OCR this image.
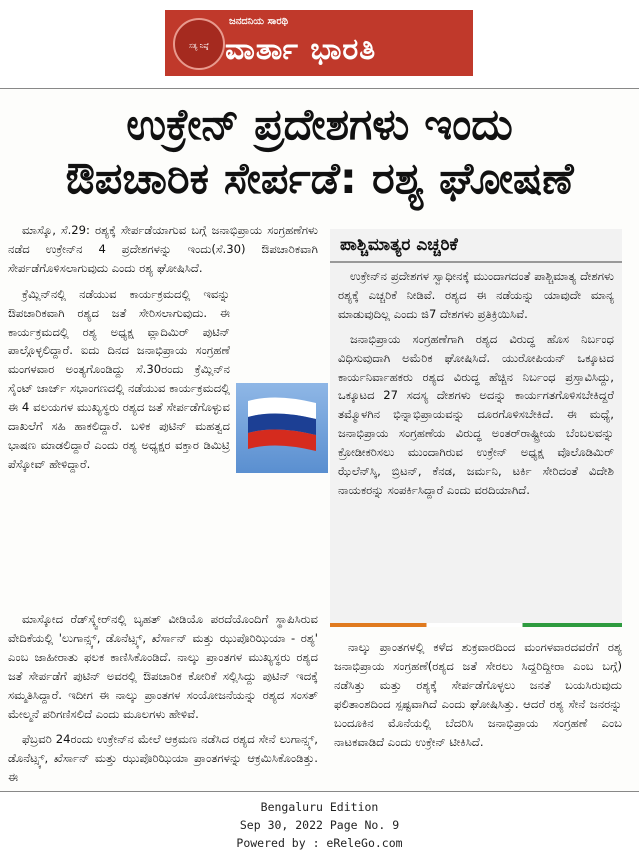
ಸತ್ಯ ನಿಷ್ಠೆ
ಜನದನಿಯ ಸಾರಥಿ
ವಾರ್ತಾ ಭಾರತಿ
ಉಕ್ರೇನ್ ಪ್ರದೇಶಗಳು ಇಂದು
ಔಪಚಾರಿಕ ಸೇರ್ಪಡೆ: ರಶ್ಯ ಘೋಷಣೆ

ಮಾಸ್ಕೊ, ಸೆ.29: ರಶ್ಯಕ್ಕೆ ಸೇರ್ಪಡೆಯಾಗುವ ಬಗ್ಗೆ ಜನಾಭಿಪ್ರಾಯ ಸಂಗ್ರಹಣೆಗಳು ನಡೆದ ಉಕ್ರೇನ್‌ನ 4 ಪ್ರದೇಶಗಳನ್ನು ಇಂದು(ಸೆ.30) ಔಪಚಾರಿಕವಾಗಿ ಸೇರ್ಪಡೆಗೊಳಿಸಲಾಗುವುದು ಎಂದು ರಶ್ಯ ಘೋಷಿಸಿದೆ.

ಕ್ರೆಮ್ಲಿನ್‌ನಲ್ಲಿ ನಡೆಯುವ ಕಾರ್ಯಕ್ರಮದಲ್ಲಿ ಇವನ್ನು ಔಪಚಾರಿಕವಾಗಿ ರಶ್ಯದ ಜತೆ ಸೇರಿಸಲಾಗುವುದು. ಈ ಕಾರ್ಯಕ್ರಮದಲ್ಲಿ ರಶ್ಯ ಅಧ್ಯಕ್ಷ ವ್ಲಾದಿಮಿರ್ ಪುಟಿನ್ ಪಾಲ್ಗೊಳ್ಳಲಿದ್ದಾರೆ. ಐದು ದಿನದ ಜನಾಭಿಪ್ರಾಯ ಸಂಗ್ರಹಣೆ ಮಂಗಳವಾರ ಅಂತ್ಯಗೊಂಡಿದ್ದು ಸೆ.30ರಂದು ಕ್ರೆಮ್ಲಿನ್‌ನ ಸೈಂಟ್ ಜಾರ್ಜ್ ಸಭಾಂಗಣದಲ್ಲಿ ನಡೆಯುವ ಕಾರ್ಯಕ್ರಮದಲ್ಲಿ ಈ 4 ವಲಯಗಳ ಮುಖ್ಯಸ್ಥರು ರಶ್ಯದ ಜತೆ ಸೇರ್ಪಡೆಗೊಳ್ಳುವ ದಾಖಲೆಗೆ ಸಹಿ ಹಾಕಲಿದ್ದಾರೆ. ಬಳಿಕ ಪುಟಿನ್ ಮಹತ್ವದ ಭಾಷಣ ಮಾಡಲಿದ್ದಾರೆ ಎಂದು ರಶ್ಯ ಅಧ್ಯಕ್ಷರ ವಕ್ತಾರ ಡಿಮಿಟ್ರಿ ಪೆಸ್ಕೋವ್ ಹೇಳಿದ್ದಾರೆ.

ಮಾಸ್ಕೋದ ರೆಡ್‌ಸ್ಕ್ವೇರ್‌ನಲ್ಲಿ ಬೃಹತ್ ವೀಡಿಯೊ ಪರದೆಯೊಂದಿಗೆ ಸ್ಥಾಪಿಸಿರುವ ವೇದಿಕೆಯಲ್ಲಿ 'ಲುಗಾನ್ಸ್ಕ್, ಡೊನೆಟ್ಸ್ಕ್, ಖೆರ್ಸಾನ್ ಮತ್ತು ಝುಪೊರಿಝಿಯಾ - ರಶ್ಯ' ಎಂಬ ಜಾಹೀರಾತು ಫಲಕ ಕಾಣಿಸಿಕೊಂಡಿದೆ. ನಾಲ್ಕು ಪ್ರಾಂತಗಳ ಮುಖ್ಯಸ್ಥರು ರಶ್ಯದ ಜತೆ ಸೇರ್ಪಡೆಗೆ ಪುಟಿನ್ ಅವರಲ್ಲಿ ಔಪಚಾರಿಕ ಕೋರಿಕೆ ಸಲ್ಲಿಸಿದ್ದು ಪುಟಿನ್ ಇದಕ್ಕೆ ಸಮ್ಮತಿಸಿದ್ದಾರೆ. ಇದೀಗ ಈ ನಾಲ್ಕು ಪ್ರಾಂತಗಳ ಸಂಯೋಜನೆಯನ್ನು ರಶ್ಯದ ಸಂಸತ್ ಮೇಲ್ಮನೆ ಪರಿಗಣಿಸಲಿದೆ ಎಂದು ಮೂಲಗಳು ಹೇಳಿವೆ.

ಫೆಬ್ರವರಿ 24ರಂದು ಉಕ್ರೇನ್‌ನ ಮೇಲೆ ಆಕ್ರಮಣ ನಡೆಸಿದ ರಶ್ಯದ ಸೇನೆ ಲುಗಾನ್ಸ್ಕ್, ಡೊನೆಟ್ಸ್ಕ್, ಖೆರ್ಸಾನ್ ಮತ್ತು ಝುಪೊರಿಝಿಯಾ ಪ್ರಾಂತಗಳನ್ನು ಆಕ್ರಮಿಸಿಕೊಂಡಿತ್ತು. ಈ

ಪಾಶ್ಚಿಮಾತ್ಯರ ಎಚ್ಚರಿಕೆ

ಉಕ್ರೇನ್‌ನ ಪ್ರದೇಶಗಳ ಸ್ವಾಧೀನಕ್ಕೆ ಮುಂದಾಗದಂತೆ ಪಾಶ್ಚಿಮಾತ್ಯ ದೇಶಗಳು ರಶ್ಯಕ್ಕೆ ಎಚ್ಚರಿಕೆ ನೀಡಿವೆ. ರಶ್ಯದ ಈ ನಡೆಯನ್ನು ಯಾವುದೇ ಮಾನ್ಯ ಮಾಡುವುದಿಲ್ಲ ಎಂದು ಜಿ7 ದೇಶಗಳು ಪ್ರತಿಕ್ರಿಯಿಸಿವೆ.

ಜನಾಭಿಪ್ರಾಯ ಸಂಗ್ರಹಣೆಗಾಗಿ ರಶ್ಯದ ವಿರುದ್ಧ ಹೊಸ ನಿರ್ಬಂಧ ವಿಧಿಸುವುದಾಗಿ ಅಮೆರಿಕ ಘೋಷಿಸಿದೆ. ಯುರೋಪಿಯನ್ ಒಕ್ಕೂಟದ ಕಾರ್ಯನಿರ್ವಾಹಕರು ರಶ್ಯದ ವಿರುದ್ಧ ಹೆಚ್ಚಿನ ನಿರ್ಬಂಧ ಪ್ರಸ್ತಾವಿಸಿದ್ದು, ಒಕ್ಕೂಟದ 27 ಸದಸ್ಯ ದೇಶಗಳು ಅದನ್ನು ಕಾರ್ಯಗತಗೊಳಿಸಬೇಕಿದ್ದರೆ ತಮ್ಮೊಳಗಿನ ಭಿನ್ನಾಭಿಪ್ರಾಯವನ್ನು ದೂರಗೊಳಿಸಬೇಕಿದೆ. ಈ ಮಧ್ಯೆ, ಜನಾಭಿಪ್ರಾಯ ಸಂಗ್ರಹಣೆಯ ವಿರುದ್ಧ ಅಂತರ್‌ರಾಷ್ಟ್ರೀಯ ಬೆಂಬಲವನ್ನು ಕ್ರೋಡೀಕರಿಸಲು ಮುಂದಾಗಿರುವ ಉಕ್ರೇನ್ ಅಧ್ಯಕ್ಷ ವೊಲೊಡಿಮಿರ್ ಝೆಲೆನ್‌ಸ್ಕಿ, ಬ್ರಿಟನ್, ಕೆನಡ, ಜರ್ಮನಿ, ಟರ್ಕಿ ಸೇರಿದಂತೆ ವಿದೇಶಿ ನಾಯಕರನ್ನು ಸಂಪರ್ಕಿಸಿದ್ದಾರೆ ಎಂದು ವರದಿಯಾಗಿದೆ.

ನಾಲ್ಕು ಪ್ರಾಂತಗಳಲ್ಲಿ ಕಳೆದ ಶುಕ್ರವಾರದಿಂದ ಮಂಗಳವಾರದವರೆಗೆ ರಶ್ಯ ಜನಾಭಿಪ್ರಾಯ ಸಂಗ್ರಹಣೆ(ರಶ್ಯದ ಜತೆ ಸೇರಲು ಸಿದ್ದರಿದ್ದೀರಾ ಎಂಬ ಬಗ್ಗೆ) ನಡೆಸಿತ್ತು ಮತ್ತು ರಶ್ಯಕ್ಕೆ ಸೇರ್ಪಡೆಗೊಳ್ಳಲು ಜನತೆ ಬಯಸಿರುವುದು ಫಲಿತಾಂಶದಿಂದ ಸ್ಪಷ್ಟವಾಗಿದೆ ಎಂದು ಘೋಷಿಸಿತ್ತು. ಆದರೆ ರಶ್ಯ ಸೇನೆ ಜನರನ್ನು ಬಂದೂಕಿನ ಮೊನೆಯಲ್ಲಿ ಬೆದರಿಸಿ ಜನಾಭಿಪ್ರಾಯ ಸಂಗ್ರಹಣೆ ಎಂಬ ನಾಟಕವಾಡಿದೆ ಎಂದು ಉಕ್ರೇನ್ ಟೀಕಿಸಿದೆ.

Bengaluru Edition
Sep 30, 2022 Page No. 9
Powered by : eReleGo.com
